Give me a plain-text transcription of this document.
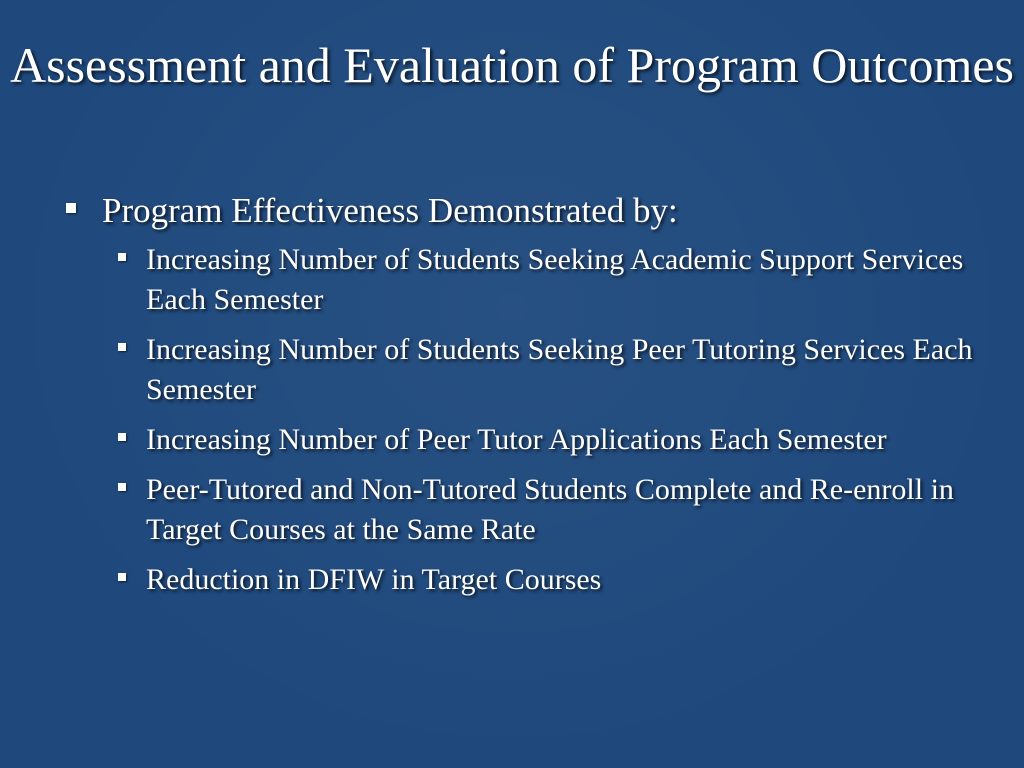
Assessment and Evaluation of Program Outcomes
Program Effectiveness Demonstrated by:
Increasing Number of Students Seeking Academic Support Services Each Semester
Increasing Number of Students Seeking Peer Tutoring Services Each Semester
Increasing Number of Peer Tutor Applications Each Semester
Peer-Tutored and Non-Tutored Students Complete and Re-enroll in Target Courses at the Same Rate
Reduction in DFIW in Target Courses
